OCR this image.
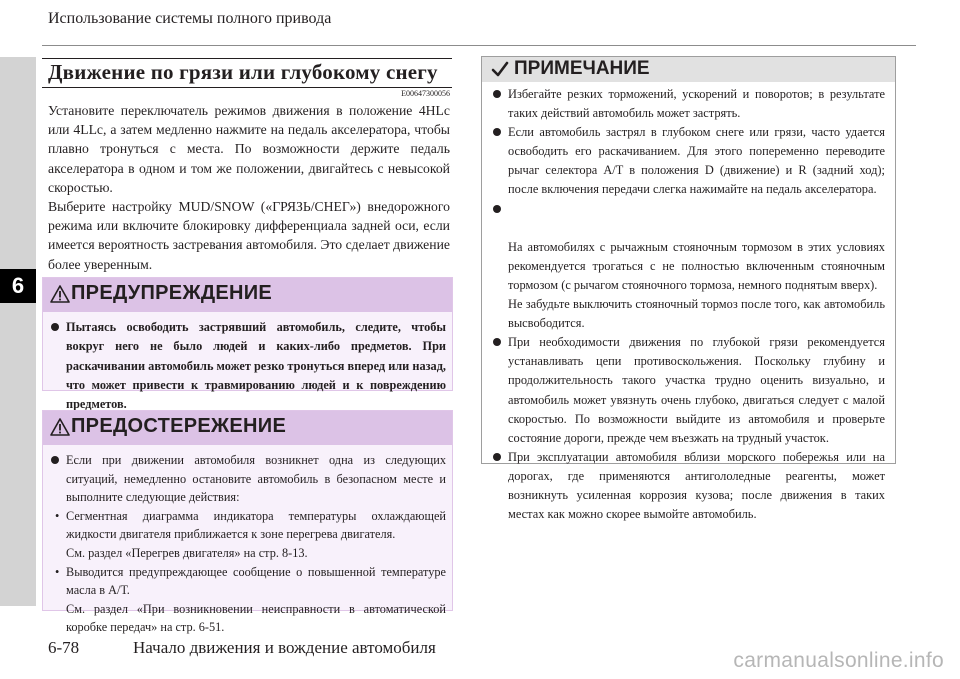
Использование системы полного привода
6
Движение по грязи или глубокому снегу
E00647300056

Установите переключатель режимов движения в положение 4HLc или 4LLc, а затем медленно нажмите на педаль акселератора, чтобы плавно тронуться с места. По возможности держите педаль акселератора в одном и том же положении, двигайтесь с невысокой скоростью.

Выберите настройку MUD/SNOW («ГРЯЗЬ/СНЕГ») внедорожного режима или включите блокировку дифференциала задней оси, если имеется вероятность застревания автомобиля. Это сделает движение более уверенным.

ПРЕДУПРЕЖДЕНИЕ
Пытаясь освободить застрявший автомобиль, следите, чтобы вокруг него не было людей и каких-либо предметов. При раскачивании автомобиль может резко тронуться вперед или назад, что может привести к травмированию людей и к повреждению предметов.
ПРЕДОСТЕРЕЖЕНИЕ
Если при движении автомобиля возникнет одна из следующих ситуаций, немедленно остановите автомобиль в безопасном месте и выполните следующие действия:
• Сегментная диаграмма индикатора температуры охлаждающей жидкости двигателя приближается к зоне перегрева двигателя.
См. раздел «Перегрев двигателя» на стр. 8-13.
• Выводится предупреждающее сообщение о повышенной температуре масла в А/Т.
См. раздел «При возникновении неисправности в автоматической коробке передач» на стр. 6-51.
ПРИМЕЧАНИЕ
Избегайте резких торможений, ускорений и поворотов; в результате таких действий автомобиль может застрять.
Если автомобиль застрял в глубоком снеге или грязи, часто удается освободить его раскачиванием. Для этого попеременно переводите рычаг селектора A/T в положения D (движение) и R (задний ход); после включения передачи слегка нажимайте на педаль акселератора.

На автомобилях с рычажным стояночным тормозом в этих условиях рекомендуется трогаться с не полностью включенным стояночным тормозом (с рычагом стояночного тормоза, немного поднятым вверх).
Не забудьте выключить стояночный тормоз после того, как автомобиль высвободится.

При необходимости движения по глубокой грязи рекомендуется устанавливать цепи противоскольжения. Поскольку глубину и продолжительность такого участка трудно оценить визуально, и автомобиль может увязнуть очень глубоко, двигаться следует с малой скоростью. По возможности выйдите из автомобиля и проверьте состояние дороги, прежде чем въезжать на трудный участок.
При эксплуатации автомобиля вблизи морского побережья или на дорогах, где применяются антигололедные реагенты, может возникнуть усиленная коррозия кузова; после движения в таких местах как можно скорее вымойте автомобиль.
6-78	Начало движения и вождение автомобиля
carmanualsonline.info
